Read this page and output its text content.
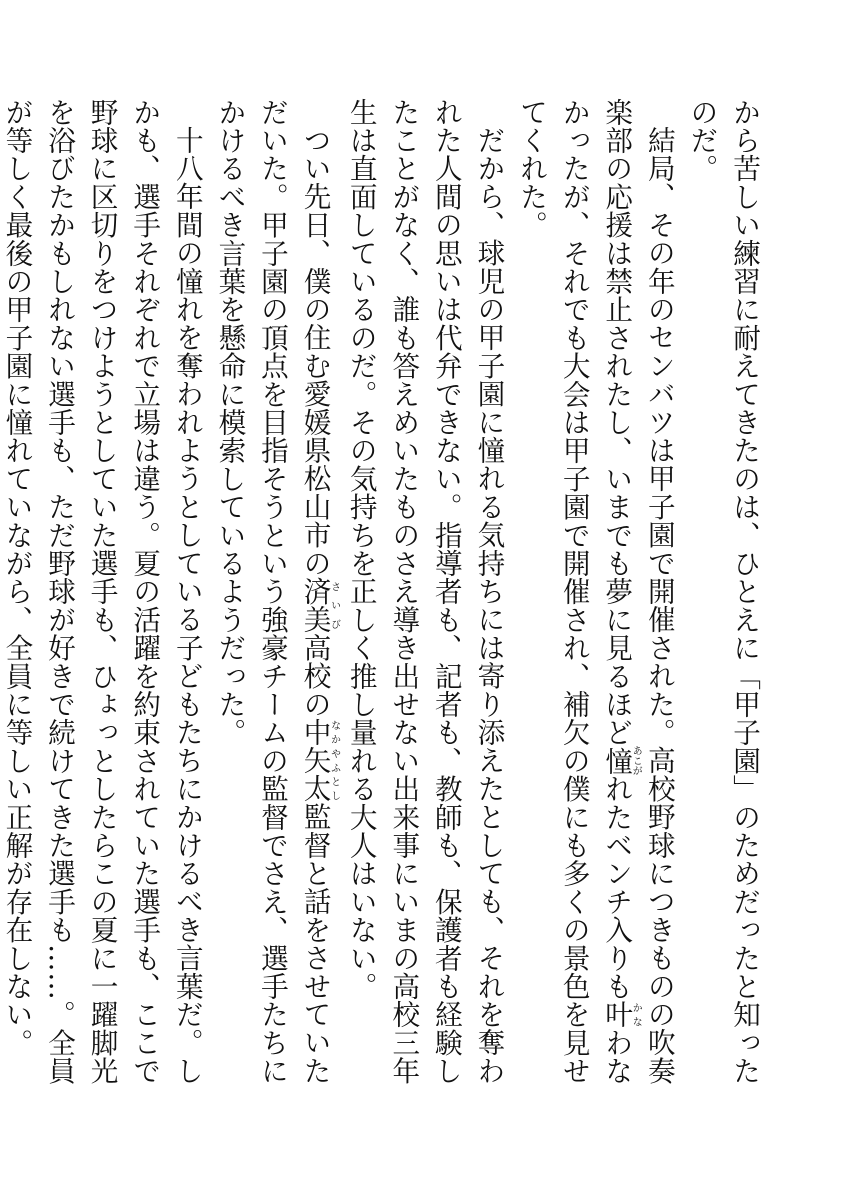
から苦しい練習に耐えてきたのは、ひとえに「甲子園」のためだったと知ったのだ。

結局、その年のセンバツは甲子園で開催された。高校野球につきものの吹奏楽部の応援は禁止されたし、いまでも夢に見るほど憧あこがれたベンチ入りも叶かなわなかったが、それでも大会は甲子園で開催され、補欠の僕にも多くの景色を見せてくれた。

だから、球児の甲子園に憧れる気持ちには寄り添えたとしても、それを奪われた人間の思いは代弁できない。指導者も、記者も、教師も、保護者も経験したことがなく、誰も答えめいたものさえ導き出せない出来事にいまの高校三年生は直面しているのだ。その気持ちを正しく推し量れる大人はいない。

つい先日、僕の住む愛媛県松山市の済美さいび高校の中矢太なかやふとし監督と話をさせていただいた。甲子園の頂点を目指そうという強豪チームの監督でさえ、選手たちにかけるべき言葉を懸命に模索しているようだった。

十八年間の憧れを奪われようとしている子どもたちにかけるべき言葉だ。しかも、選手それぞれで立場は違う。夏の活躍を約束されていた選手も、ここで野球に区切りをつけようとしていた選手も、ひょっとしたらこの夏に一躍脚光を浴びたかもしれない選手も、ただ野球が好きで続けてきた選手も……。全員が等しく最後の甲子園に憧れていながら、全員に等しい正解が存在しない。
